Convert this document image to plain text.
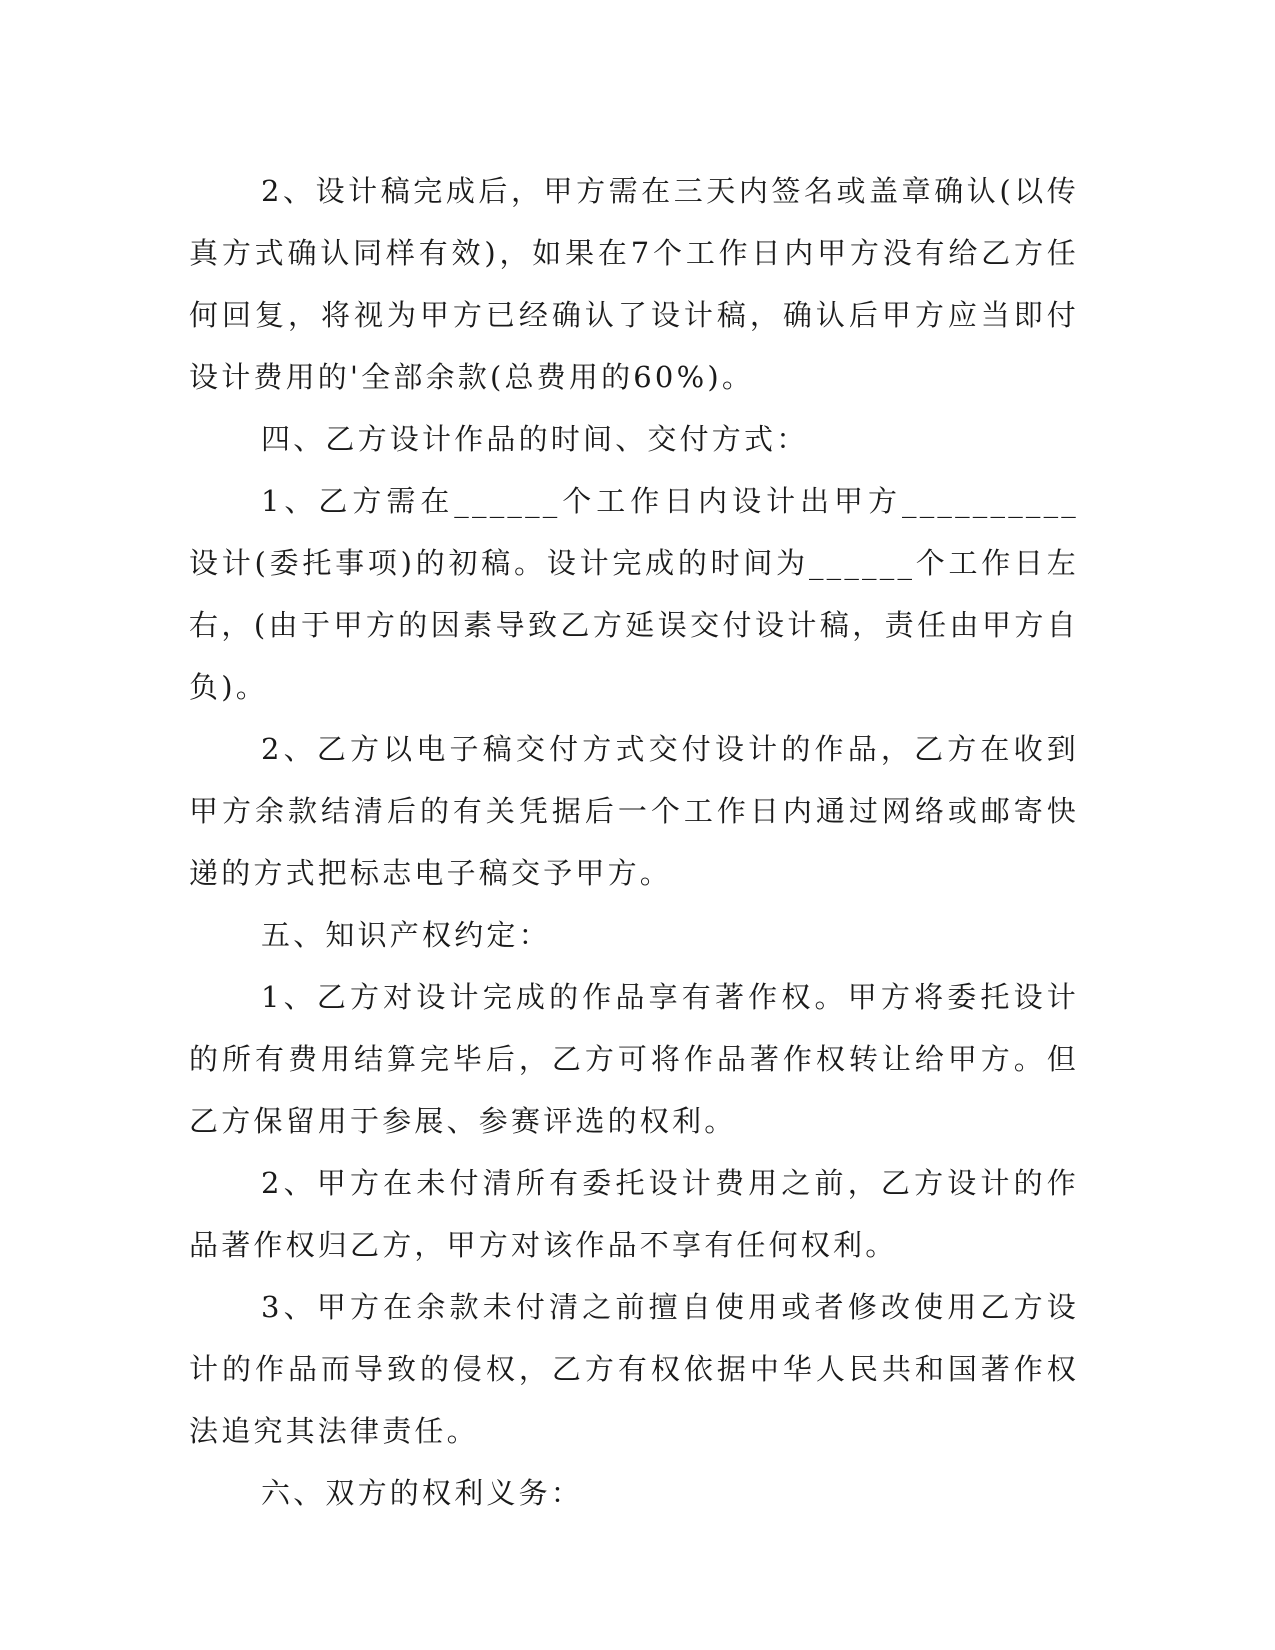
2、设计稿完成后，甲方需在三天内签名或盖章确认(以传真方式确认同样有效)，如果在7个工作日内甲方没有给乙方任何回复，将视为甲方已经确认了设计稿，确认后甲方应当即付设计费用的'全部余款(总费用的60%)。

四、乙方设计作品的时间、交付方式：

1、乙方需在______个工作日内设计出甲方__________设计(委托事项)的初稿。设计完成的时间为______个工作日左右，(由于甲方的因素导致乙方延误交付设计稿，责任由甲方自负)。

2、乙方以电子稿交付方式交付设计的作品，乙方在收到甲方余款结清后的有关凭据后一个工作日内通过网络或邮寄快递的方式把标志电子稿交予甲方。

五、知识产权约定：

1、乙方对设计完成的作品享有著作权。甲方将委托设计的所有费用结算完毕后，乙方可将作品著作权转让给甲方。但乙方保留用于参展、参赛评选的权利。

2、甲方在未付清所有委托设计费用之前，乙方设计的作品著作权归乙方，甲方对该作品不享有任何权利。

3、甲方在余款未付清之前擅自使用或者修改使用乙方设计的作品而导致的侵权，乙方有权依据中华人民共和国著作权法追究其法律责任。

六、双方的权利义务：
